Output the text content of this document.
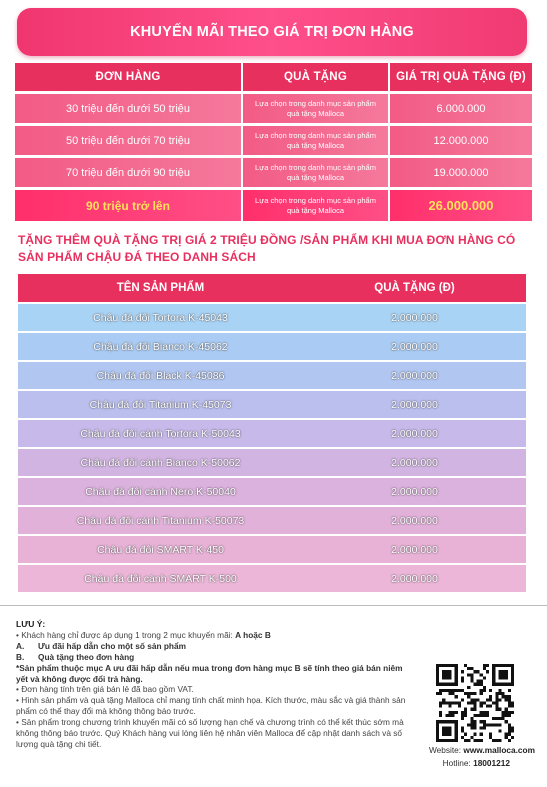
KHUYẾN MÃI THEO GIÁ TRỊ ĐƠN HÀNG
ĐƠN HÀNG	QUÀ TẶNG	GIÁ TRỊ QUÀ TẶNG (Đ)
30 triệu đến dưới 50 triệu	Lựa chọn trong danh mục sản phẩm quà tặng Malloca	6.000.000
50 triệu đến dưới 70 triệu	Lựa chọn trong danh mục sản phẩm quà tặng Malloca	12.000.000
70 triệu đến dưới 90 triệu	Lựa chọn trong danh mục sản phẩm quà tặng Malloca	19.000.000
90 triệu trở lên	Lựa chọn trong danh mục sản phẩm quà tặng Malloca	26.000.000
TẶNG THÊM QUÀ TẶNG TRỊ GIÁ 2 TRIỆU ĐỒNG /SẢN PHẨM KHI MUA ĐƠN HÀNG CÓ SẢN PHẨM CHẬU ĐÁ THEO DANH SÁCH
TÊN SẢN PHẨM	QUÀ TẶNG (Đ)
Chậu đá đôi Tortora K-45043	2.000.000
Chậu đá đôi Bianco K-45062	2.000.000
Chậu đá đôi Black K-45086	2.000.000
Chậu đá đôi Titanium K-45073	2.000.000
Chậu đá đôi cánh Tortora K-50043	2.000.000
Chậu đá đôi cánh Bianco K-50062	2.000.000
Chậu đá đôi cánh Nero K-50040	2.000.000
Chậu đá đôi cánh Titanium K-50073	2.000.000
Chậu đá đôi SMART K-450	2.000.000
Chậu đá đôi cánh SMART K-500	2.000.000
LƯU Ý:
• Khách hàng chỉ được áp dụng 1 trong 2 mục khuyến mãi: A hoặc B
A. Ưu đãi hấp dẫn cho một số sản phẩm
B. Quà tặng theo đơn hàng
*Sản phẩm thuộc mục A ưu đãi hấp dẫn nếu mua trong đơn hàng mục B sẽ tính theo giá bán niêm yết và không được đổi trả hàng.
• Đơn hàng tính trên giá bán lẻ đã bao gồm VAT.
• Hình sản phẩm và quà tặng Malloca chỉ mang tính chất minh họa. Kích thước, màu sắc và giá thành sản phẩm có thể thay đổi mà không thông báo trước.
• Sản phẩm trong chương trình khuyến mãi có số lượng hạn chế và chương trình có thể kết thúc sớm mà không thông báo trước. Quý Khách hàng vui lòng liên hệ nhân viên Malloca để cập nhật danh sách và số lượng quà tặng chi tiết.
Website: www.malloca.com
Hotline: 18001212
